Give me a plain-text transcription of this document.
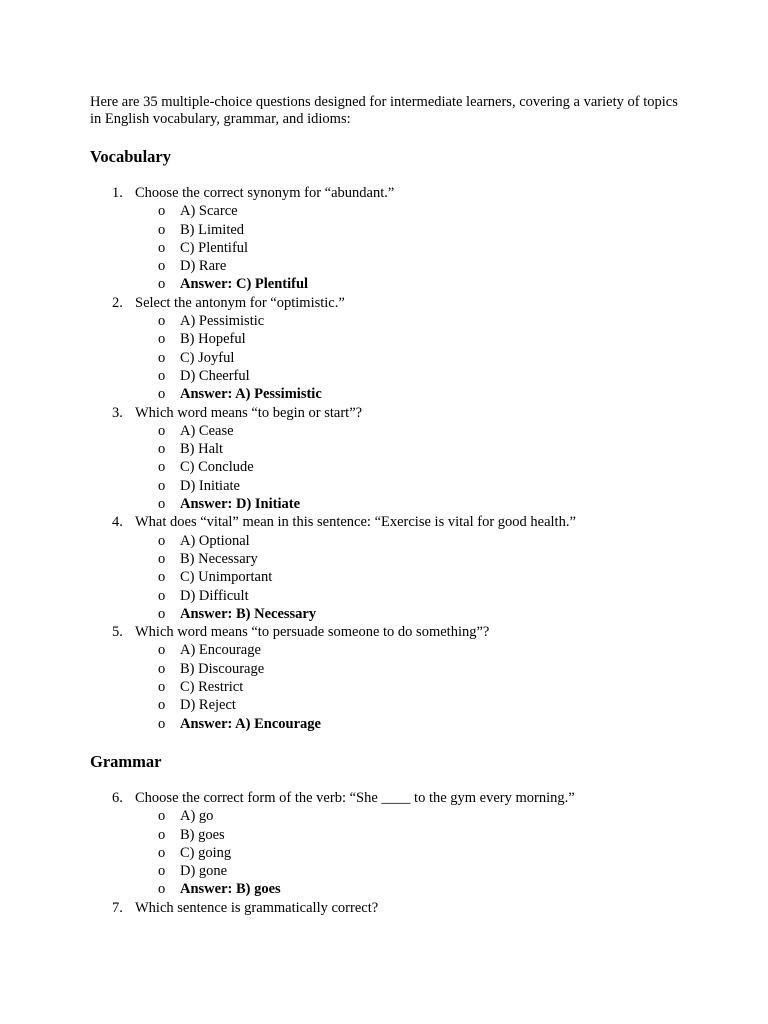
Here are 35 multiple-choice questions designed for intermediate learners, covering a variety of topics in English vocabulary, grammar, and idioms:

Vocabulary
1. Choose the correct synonym for “abundant.”
o A) Scarce
o B) Limited
o C) Plentiful
o D) Rare
o Answer: C) Plentiful
2. Select the antonym for “optimistic.”
o A) Pessimistic
o B) Hopeful
o C) Joyful
o D) Cheerful
o Answer: A) Pessimistic
3. Which word means “to begin or start”?
o A) Cease
o B) Halt
o C) Conclude
o D) Initiate
o Answer: D) Initiate
4. What does “vital” mean in this sentence: “Exercise is vital for good health.”
o A) Optional
o B) Necessary
o C) Unimportant
o D) Difficult
o Answer: B) Necessary
5. Which word means “to persuade someone to do something”?
o A) Encourage
o B) Discourage
o C) Restrict
o D) Reject
o Answer: A) Encourage
Grammar
6. Choose the correct form of the verb: “She ____ to the gym every morning.”
o A) go
o B) goes
o C) going
o D) gone
o Answer: B) goes
7. Which sentence is grammatically correct?
